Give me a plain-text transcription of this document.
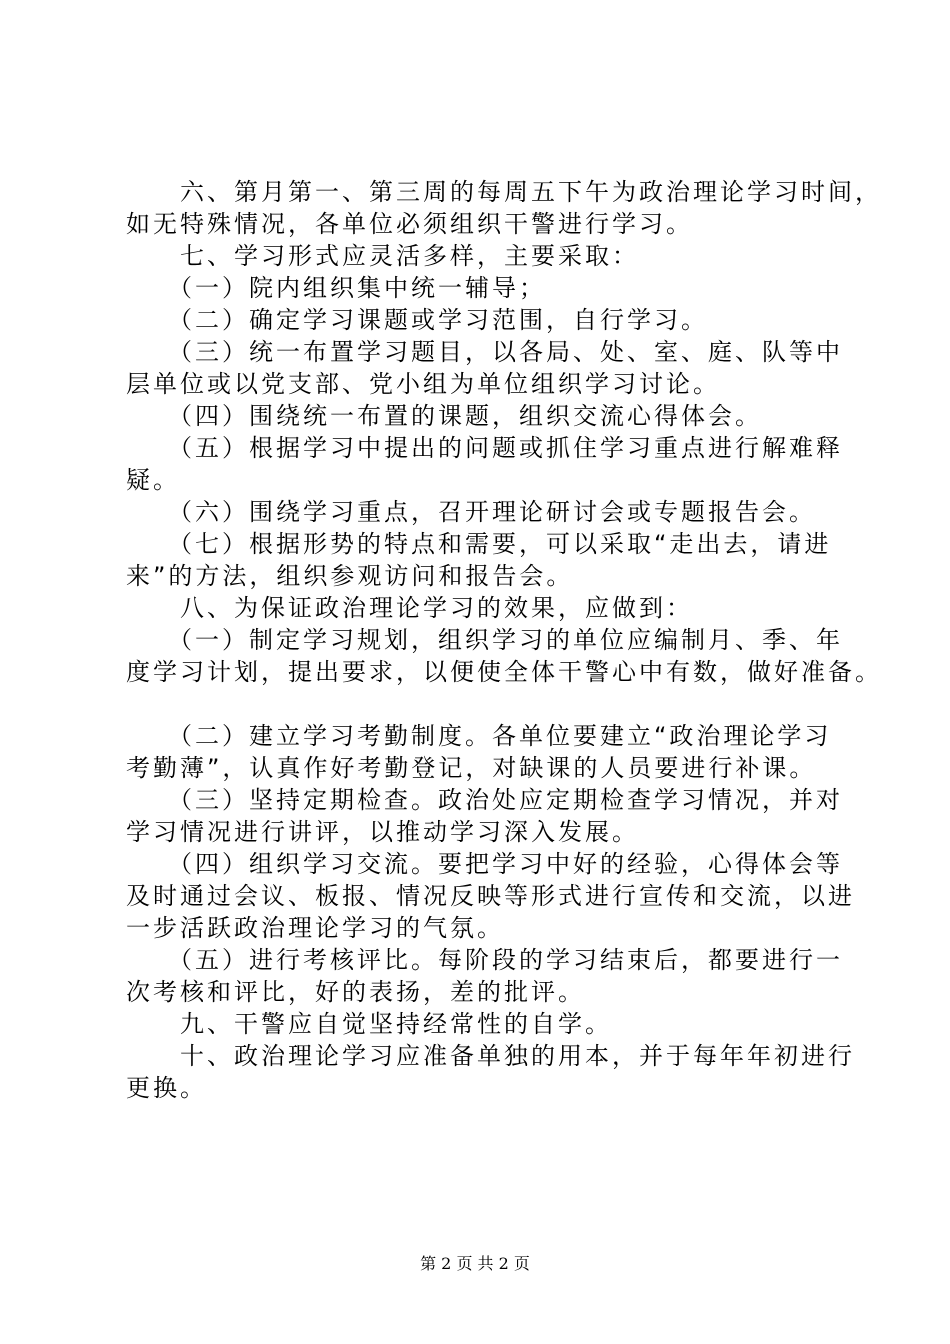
　　六、第月第一、第三周的每周五下午为政治理论学习时间，
如无特殊情况，各单位必须组织干警进行学习。
　　七、学习形式应灵活多样，主要采取：
　　（一）院内组织集中统一辅导；
　　（二）确定学习课题或学习范围，自行学习。
　　（三）统一布置学习题目，以各局、处、室、庭、队等中
层单位或以党支部、党小组为单位组织学习讨论。
　　（四）围绕统一布置的课题，组织交流心得体会。
　　（五）根据学习中提出的问题或抓住学习重点进行解难释
疑。
　　（六）围绕学习重点，召开理论研讨会或专题报告会。
　　（七）根据形势的特点和需要，可以采取“走出去，请进
来”的方法，组织参观访问和报告会。
　　八、为保证政治理论学习的效果，应做到：
　　（一）制定学习规划，组织学习的单位应编制月、季、年
度学习计划，提出要求，以便使全体干警心中有数，做好准备。
　　（二）建立学习考勤制度。各单位要建立“政治理论学习
考勤薄”，认真作好考勤登记，对缺课的人员要进行补课。
　　（三）坚持定期检查。政治处应定期检查学习情况，并对
学习情况进行讲评，以推动学习深入发展。
　　（四）组织学习交流。要把学习中好的经验，心得体会等
及时通过会议、板报、情况反映等形式进行宣传和交流，以进
一步活跃政治理论学习的气氛。
　　（五）进行考核评比。每阶段的学习结束后，都要进行一
次考核和评比，好的表扬，差的批评。
　　九、干警应自觉坚持经常性的自学。
　　十、政治理论学习应准备单独的用本，并于每年年初进行
更换。
第 2 页 共 2 页
